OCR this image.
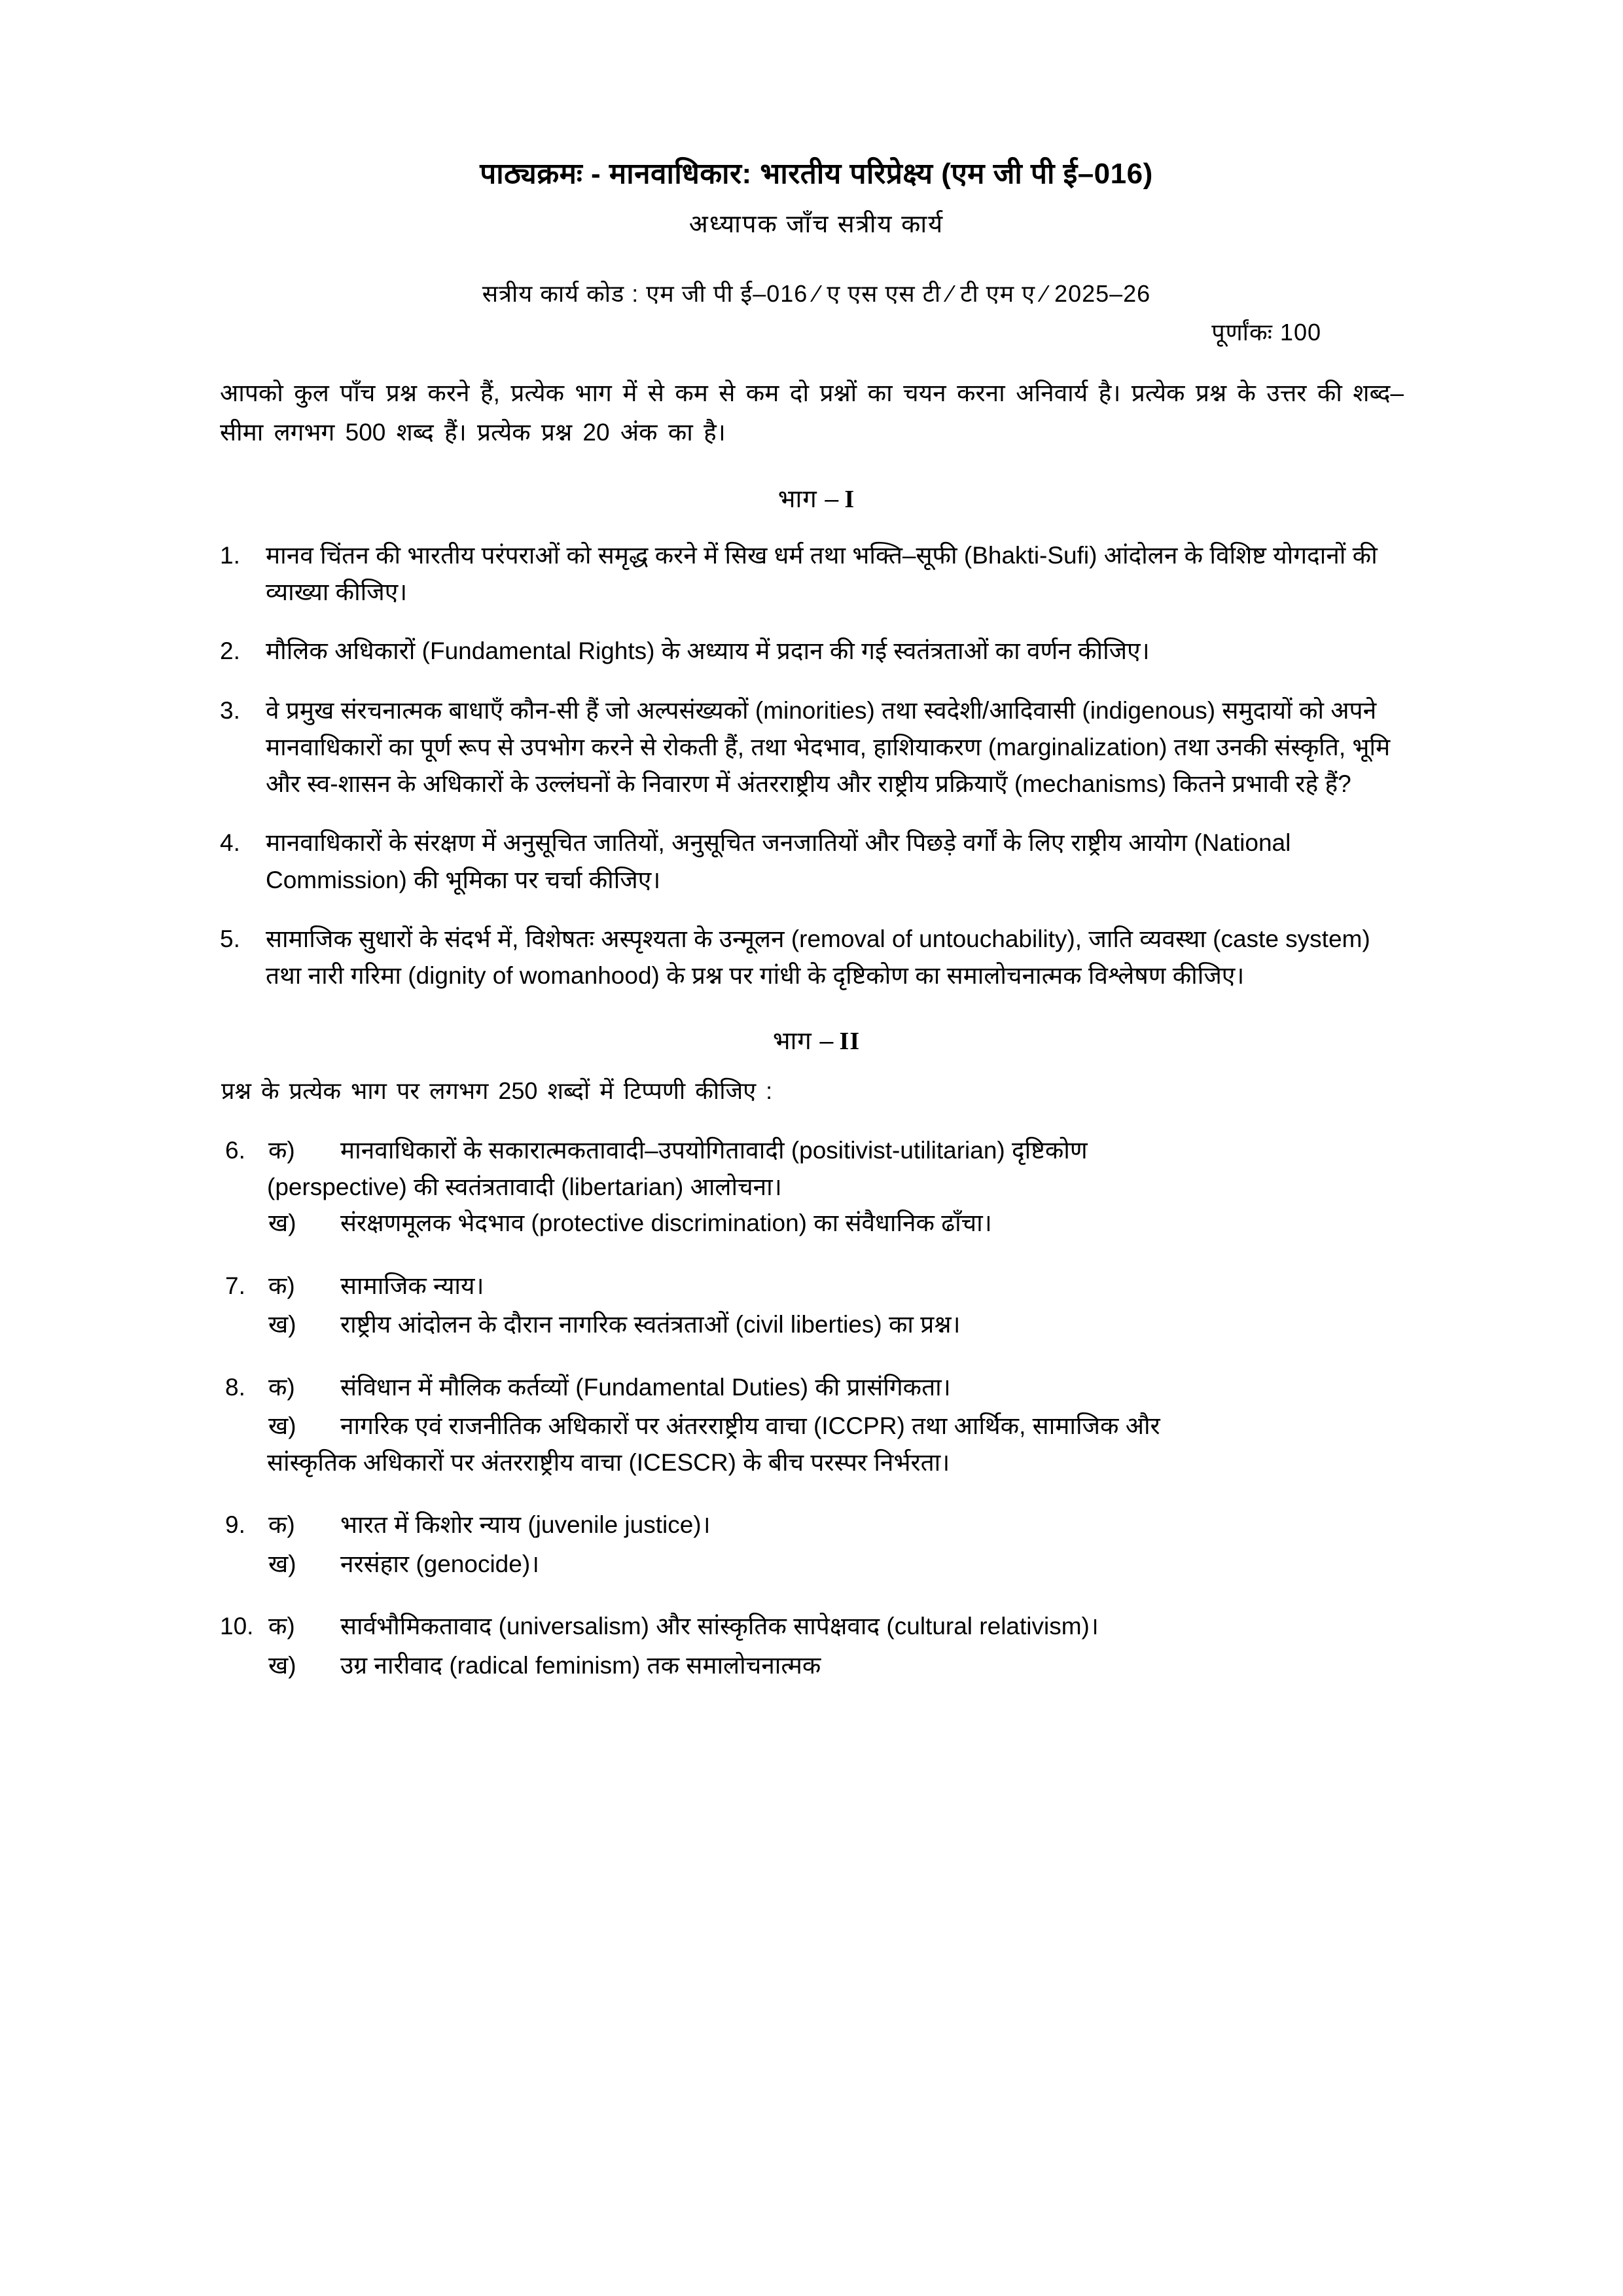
पाठ्यक्रमः - मानवाधिकार: भारतीय परिप्रेक्ष्य (एम जी पी ई–016)
अध्यापक जाँच सत्रीय कार्य
सत्रीय कार्य कोड : एम जी पी ई–016 ⁄ ए एस एस टी ⁄ टी एम ए ⁄ 2025–26
पूर्णांकः 100
आपको कुल पाँच प्रश्न करने हैं, प्रत्येक भाग में से कम से कम दो प्रश्नों का चयन करना अनिवार्य है। प्रत्येक प्रश्न के उत्तर की शब्द–सीमा लगभग 500 शब्द हैं। प्रत्येक प्रश्न 20 अंक का है।
भाग – I
1.	मानव चिंतन की भारतीय परंपराओं को समृद्ध करने में सिख धर्म तथा भक्ति–सूफी (Bhakti-Sufi) आंदोलन के विशिष्ट योगदानों की व्याख्या कीजिए।
2.	मौलिक अधिकारों (Fundamental Rights) के अध्याय में प्रदान की गई स्वतंत्रताओं का वर्णन कीजिए।
3.	वे प्रमुख संरचनात्मक बाधाएँ कौन-सी हैं जो अल्पसंख्यकों (minorities) तथा स्वदेशी/आदिवासी (indigenous) समुदायों को अपने मानवाधिकारों का पूर्ण रूप से उपभोग करने से रोकती हैं, तथा भेदभाव, हाशियाकरण (marginalization) तथा उनकी संस्कृति, भूमि और स्व-शासन के अधिकारों के उल्लंघनों के निवारण में अंतरराष्ट्रीय और राष्ट्रीय प्रक्रियाएँ (mechanisms) कितने प्रभावी रहे हैं?
4.	मानवाधिकारों के संरक्षण में अनुसूचित जातियों, अनुसूचित जनजातियों और पिछड़े वर्गों के लिए राष्ट्रीय आयोग (National Commission) की भूमिका पर चर्चा कीजिए।
5.	सामाजिक सुधारों के संदर्भ में, विशेषतः अस्पृश्यता के उन्मूलन (removal of untouchability), जाति व्यवस्था (caste system) तथा नारी गरिमा (dignity of womanhood) के प्रश्न पर गांधी के दृष्टिकोण का समालोचनात्मक विश्लेषण कीजिए।
भाग – II
प्रश्न के प्रत्येक भाग पर लगभग 250 शब्दों में टिप्पणी कीजिए :
6. क)	मानवाधिकारों के सकारात्मकतावादी–उपयोगितावादी (positivist-utilitarian) दृष्टिकोण
(perspective) की स्वतंत्रतावादी (libertarian) आलोचना।
ख)	संरक्षणमूलक भेदभाव (protective discrimination) का संवैधानिक ढाँचा।
7. क)	सामाजिक न्याय।
ख)	राष्ट्रीय आंदोलन के दौरान नागरिक स्वतंत्रताओं (civil liberties) का प्रश्न।
8. क)	संविधान में मौलिक कर्तव्यों (Fundamental Duties) की प्रासंगिकता।
ख)	नागरिक एवं राजनीतिक अधिकारों पर अंतरराष्ट्रीय वाचा (ICCPR) तथा आर्थिक, सामाजिक और
सांस्कृतिक अधिकारों पर अंतरराष्ट्रीय वाचा (ICESCR) के बीच परस्पर निर्भरता।
9. क)	भारत में किशोर न्याय (juvenile justice)।
ख)	नरसंहार (genocide)।
10. क)	सार्वभौमिकतावाद (universalism) और सांस्कृतिक सापेक्षवाद (cultural relativism)।
ख)	उग्र नारीवाद (radical feminism) तक समालोचनात्मक
